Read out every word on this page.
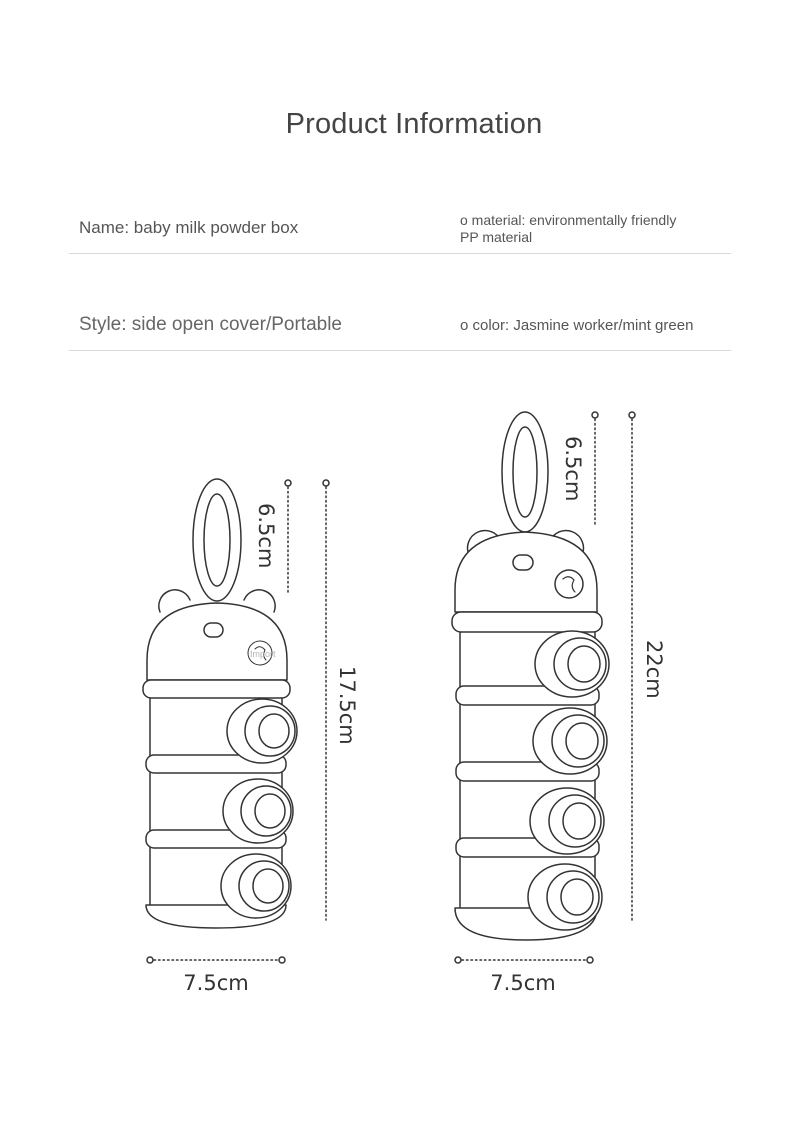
Product Information
Name: baby milk powder box	o material: environmentally friendly
PP material
Style: side open cover/Portable	o color: Jasmine worker/mint green
Import
6.5cm
17.5cm
7.5cm
6.5cm
22cm
7.5cm
